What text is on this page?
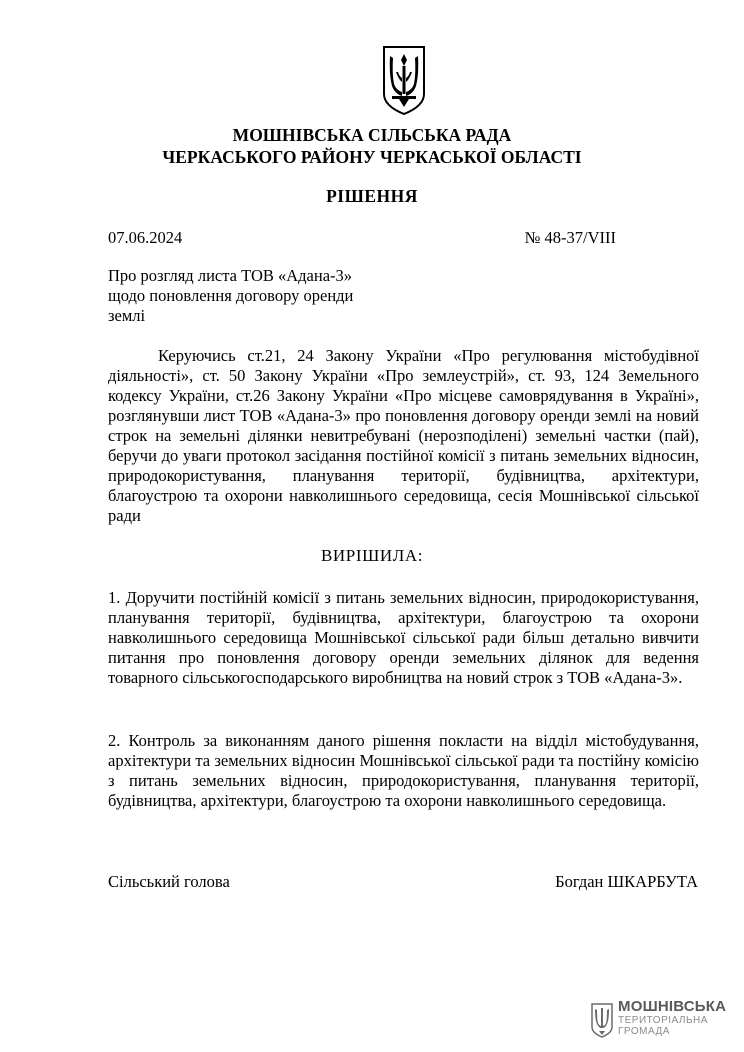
МОШНІВСЬКА СІЛЬСЬКА РАДА
ЧЕРКАСЬКОГО РАЙОНУ ЧЕРКАСЬКОЇ ОБЛАСТІ
РІШЕННЯ
07.06.2024	№ 48-37/VIII
Про розгляд листа ТОВ «Адана-3»
щодо поновлення договору оренди
землі

Керуючись ст.21, 24 Закону України «Про регулювання містобудівної діяльності», ст. 50 Закону України «Про землеустрій», ст. 93, 124 Земельного кодексу України, ст.26 Закону України «Про місцеве самоврядування в Україні», розглянувши лист ТОВ «Адана-3» про поновлення договору оренди землі на новий строк на земельні ділянки невитребувані (нерозподілені) земельні частки (пай), беручи до уваги протокол засідання постійної комісії з питань земельних відносин, природокористування, планування території, будівництва, архітектури, благоустрою та охорони навколишнього середовища, сесія Мошнівської сільської ради

ВИРІШИЛА:

1. Доручити постійній комісії з питань земельних відносин, природокористування, планування території, будівництва, архітектури, благоустрою та охорони навколишнього середовища Мошнівської сільської ради більш детально вивчити питання про поновлення договору оренди земельних ділянок для ведення товарного сільськогосподарського виробництва на новий строк з ТОВ «Адана-3».

2. Контроль за виконанням даного рішення покласти на відділ містобудування, архітектури та земельних відносин Мошнівської сільської ради та постійну комісію з питань земельних відносин, природокористування, планування території, будівництва, архітектури, благоустрою та охорони навколишнього середовища.

Сільський голова	Богдан ШКАРБУТА
МОШНІВСЬКА
ТЕРИТОРІАЛЬНА
ГРОМАДА
